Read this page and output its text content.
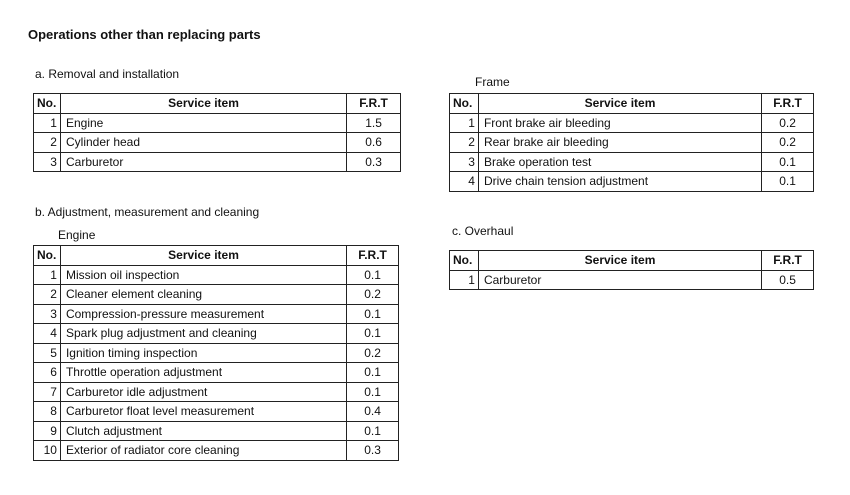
Operations other than replacing parts
a. Removal and installation
No.	Service item	F.R.T
1	Engine	1.5
2	Cylinder head	0.6
3	Carburetor	0.3
Frame
No.	Service item	F.R.T
1	Front brake air bleeding	0.2
2	Rear brake air bleeding	0.2
3	Brake operation test	0.1
4	Drive chain tension adjustment	0.1
b. Adjustment, measurement and cleaning
Engine
No.	Service item	F.R.T
1	Mission oil inspection	0.1
2	Cleaner element cleaning	0.2
3	Compression-pressure measurement	0.1
4	Spark plug adjustment and cleaning	0.1
5	Ignition timing inspection	0.2
6	Throttle operation adjustment	0.1
7	Carburetor idle adjustment	0.1
8	Carburetor float level measurement	0.4
9	Clutch adjustment	0.1
10	Exterior of radiator core cleaning	0.3
c. Overhaul
No.	Service item	F.R.T
1	Carburetor	0.5
